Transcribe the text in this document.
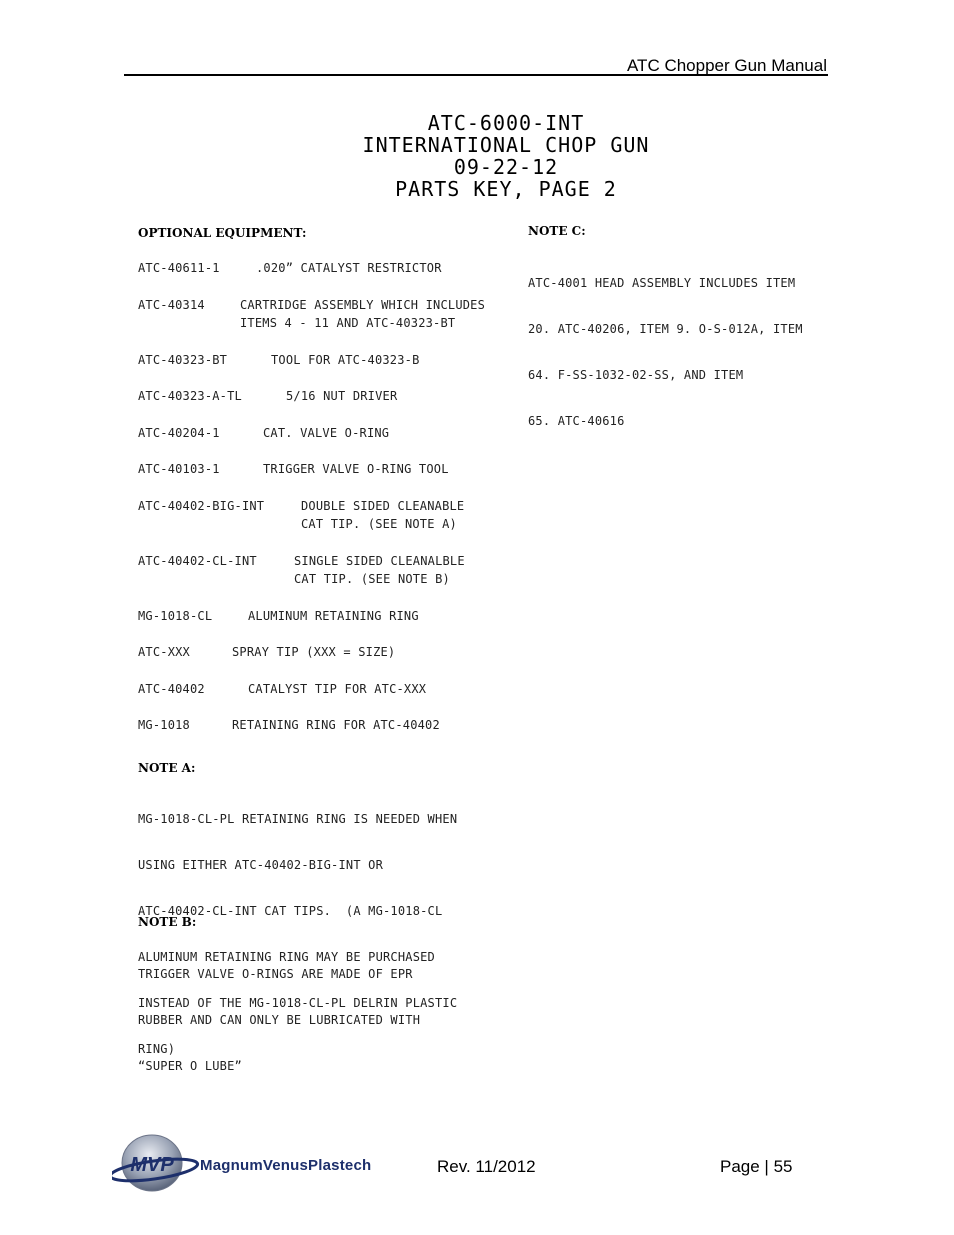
ATC Chopper Gun Manual
ATC-6000-INT
INTERNATIONAL CHOP GUN
09-22-12
PARTS KEY, PAGE 2
OPTIONAL EQUIPMENT:
ATC-40611-1	.020” CATALYST RESTRICTOR
ATC-40314	CARTRIDGE ASSEMBLY WHICH INCLUDES
ITEMS 4 - 11 AND ATC-40323-BT
ATC-40323-BT	TOOL FOR ATC-40323-B
ATC-40323-A-TL	5/16 NUT DRIVER
ATC-40204-1	CAT. VALVE O-RING
ATC-40103-1	TRIGGER VALVE O-RING TOOL
ATC-40402-BIG-INT	DOUBLE SIDED CLEANABLE
CAT TIP. (SEE NOTE A)
ATC-40402-CL-INT	SINGLE SIDED CLEANALBLE
CAT TIP. (SEE NOTE B)
MG-1018-CL	ALUMINUM RETAINING RING
ATC-XXX	SPRAY TIP (XXX = SIZE)
ATC-40402	CATALYST TIP FOR ATC-XXX
MG-1018	RETAINING RING FOR ATC-40402
NOTE A:

MG-1018-CL-PL RETAINING RING IS NEEDED WHEN

USING EITHER ATC-40402-BIG-INT OR

ATC-40402-CL-INT CAT TIPS.  (A MG-1018-CL

ALUMINUM RETAINING RING MAY BE PURCHASED

INSTEAD OF THE MG-1018-CL-PL DELRIN PLASTIC

RING)

NOTE B:

TRIGGER VALVE O-RINGS ARE MADE OF EPR

RUBBER AND CAN ONLY BE LUBRICATED WITH

“SUPER O LUBE”

NOTE C:

ATC-4001 HEAD ASSEMBLY INCLUDES ITEM

20. ATC-40206, ITEM 9. O-S-012A, ITEM

64. F-SS-1032-02-SS, AND ITEM

65. ATC-40616

MVP MagnumVenusPlastech	Rev. 11/2012	Page | 55
